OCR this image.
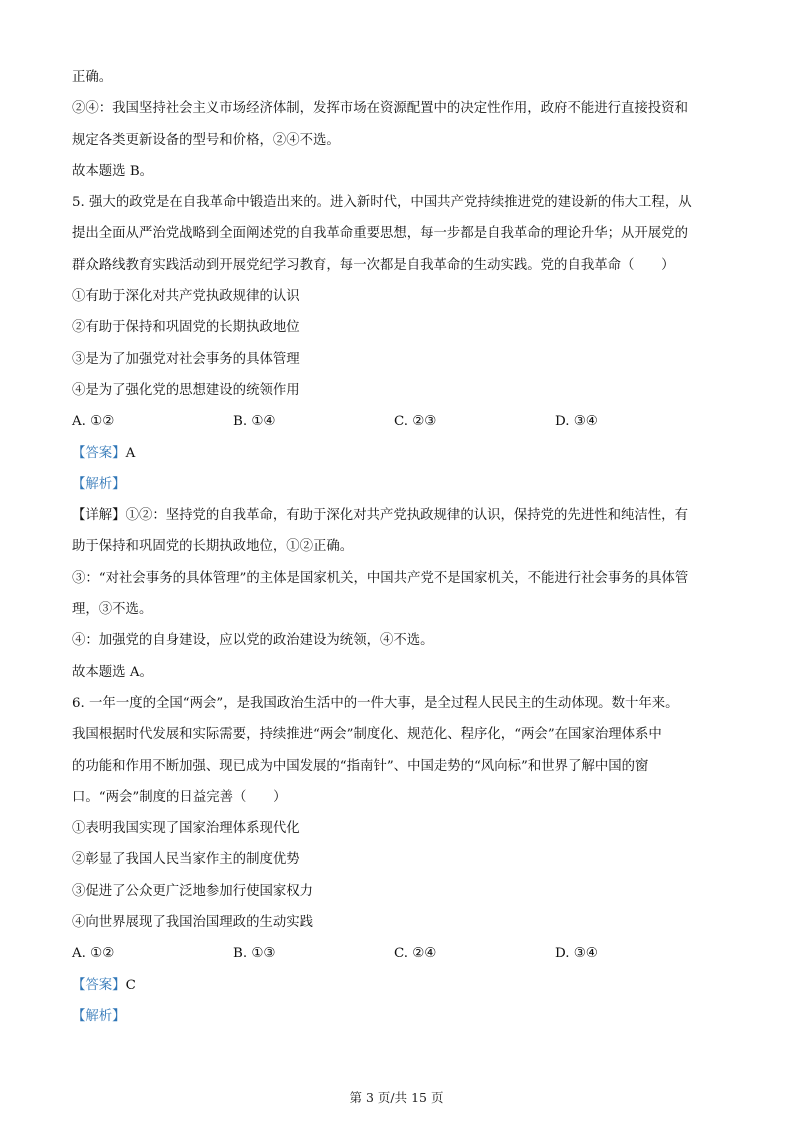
正确。
②④：我国坚持社会主义市场经济体制，发挥市场在资源配置中的决定性作用，政府不能进行直接投资和
规定各类更新设备的型号和价格，②④不选。
故本题选 B。
5. 强大的政党是在自我革命中锻造出来的。进入新时代，中国共产党持续推进党的建设新的伟大工程，从
提出全面从严治党战略到全面阐述党的自我革命重要思想，每一步都是自我革命的理论升华；从开展党的
群众路线教育实践活动到开展党纪学习教育，每一次都是自我革命的生动实践。党的自我革命（　　）
①有助于深化对共产党执政规律的认识
②有助于保持和巩固党的长期执政地位
③是为了加强党对社会事务的具体管理
④是为了强化党的思想建设的统领作用
A. ①②	B. ①④	C. ②③	D. ③④
【答案】A
【解析】
【详解】①②：坚持党的自我革命，有助于深化对共产党执政规律的认识，保持党的先进性和纯洁性，有
助于保持和巩固党的长期执政地位，①②正确。
③：“对社会事务的具体管理”的主体是国家机关，中国共产党不是国家机关，不能进行社会事务的具体管
理，③不选。
④：加强党的自身建设，应以党的政治建设为统领，④不选。
故本题选 A。
6. 一年一度的全国“两会”，是我国政治生活中的一件大事，是全过程人民民主的生动体现。数十年来。
我国根据时代发展和实际需要，持续推进“两会”制度化、规范化、程序化，“两会”在国家治理体系中
的功能和作用不断加强、现已成为中国发展的“指南针”、中国走势的“风向标”和世界了解中国的窗
口。“两会”制度的日益完善（　　）
①表明我国实现了国家治理体系现代化
②彰显了我国人民当家作主的制度优势
③促进了公众更广泛地参加行使国家权力
④向世界展现了我国治国理政的生动实践
A. ①②	B. ①③	C. ②④	D. ③④
【答案】C
【解析】
第 3 页/共 15 页
